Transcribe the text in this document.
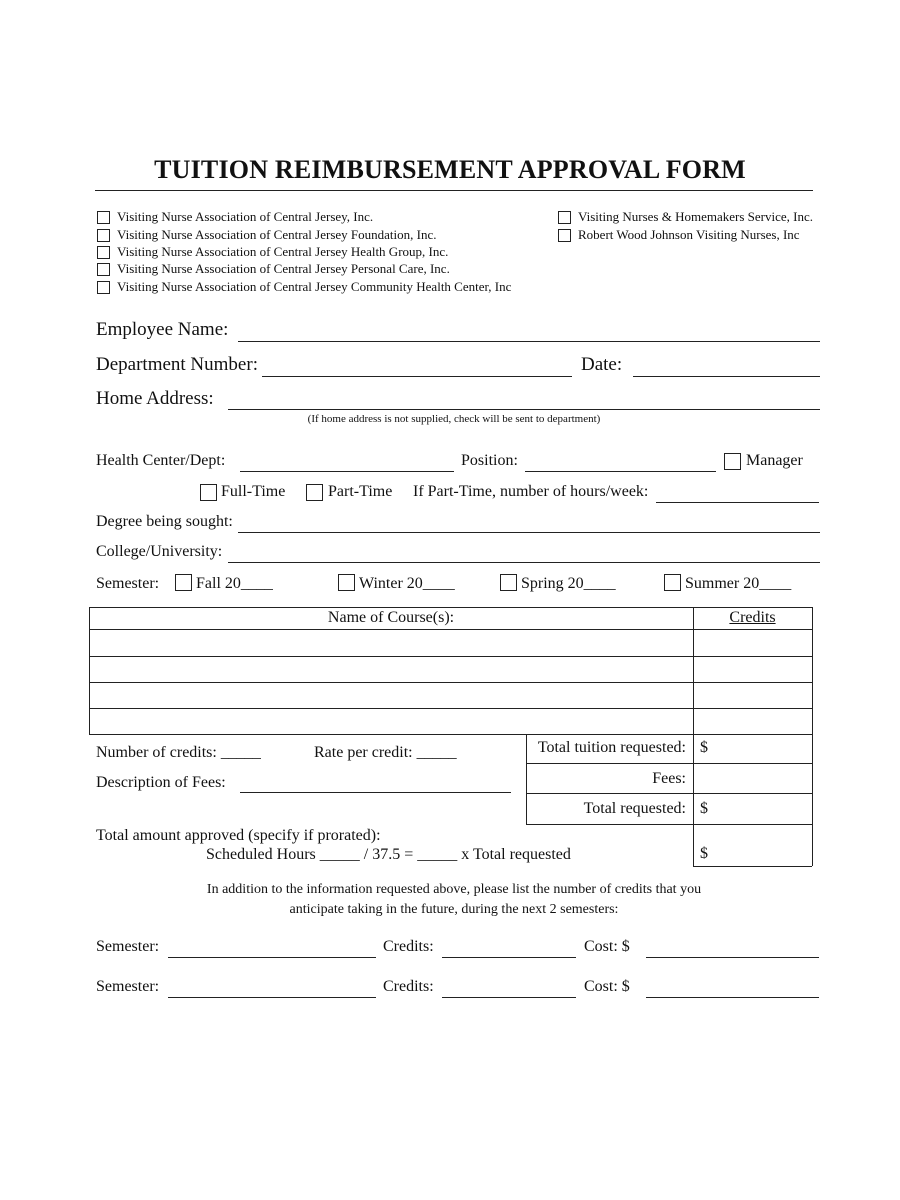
TUITION REIMBURSEMENT APPROVAL FORM
Visiting Nurse Association of Central Jersey, Inc.
Visiting Nurse Association of Central Jersey Foundation, Inc.
Visiting Nurse Association of Central Jersey Health Group, Inc.
Visiting Nurse Association of Central Jersey Personal Care, Inc.
Visiting Nurse Association of Central Jersey Community Health Center, Inc
Visiting Nurses & Homemakers Service, Inc.
Robert Wood Johnson Visiting Nurses, Inc
Employee Name:
Department Number:	Date:
Home Address:
(If home address is not supplied, check will be sent to department)
Health Center/Dept:	Position:	Manager
Full-Time	Part-Time If Part-Time, number of hours/week:
Degree being sought:
College/University:
Semester: Fall 20____	Winter 20____	Spring 20____	Summer 20____
Name of Course(s):	Credits
Number of credits: _____	Rate per credit: _____
Description of Fees:
Total tuition requested: $
Fees:
Total requested: $
$
Total amount approved (specify if prorated):
Scheduled Hours _____ / 37.5 = _____ x Total requested
In addition to the information requested above, please list the number of credits that you
anticipate taking in the future, during the next 2 semesters:
Semester:	Credits:	Cost: $
Semester:	Credits:	Cost: $
